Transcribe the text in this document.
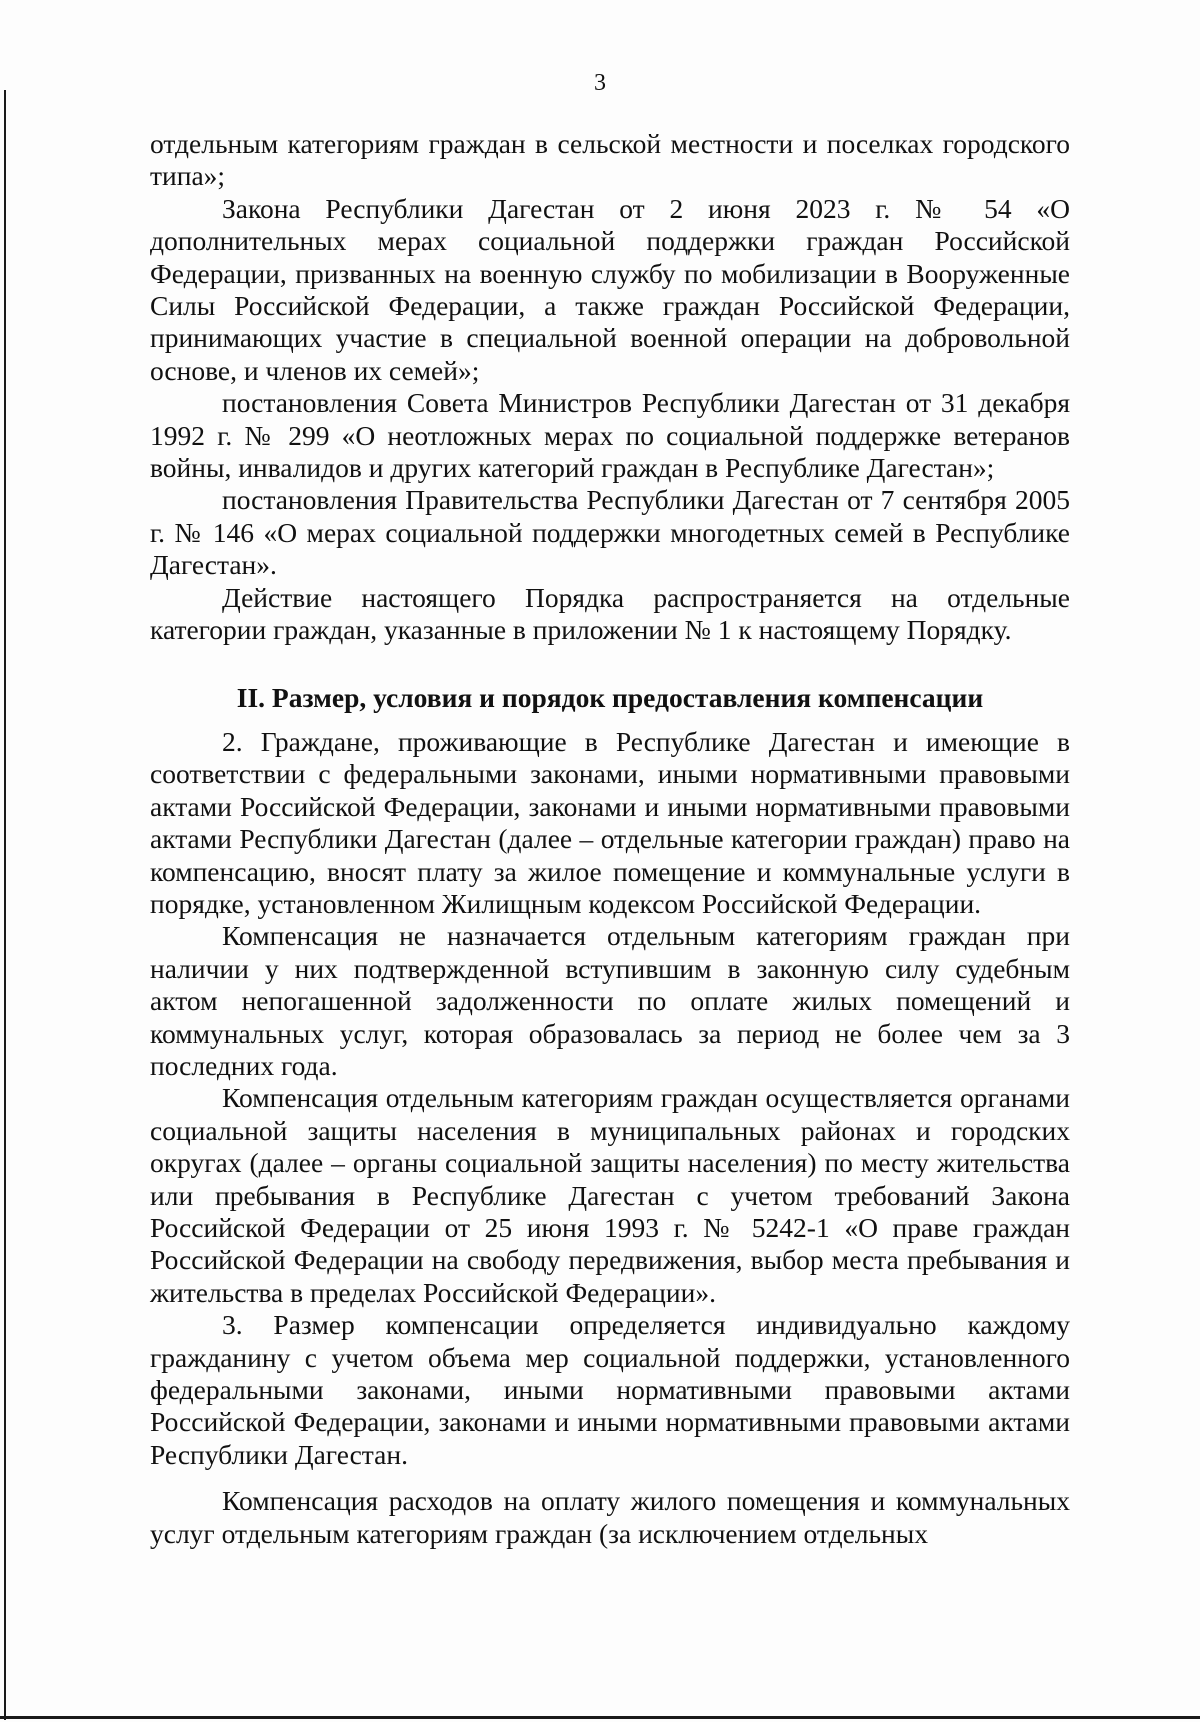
3

отдельным категориям граждан в сельской местности и поселках городского типа»;

Закона Республики Дагестан от 2 июня 2023 г. № 54 «О дополнительных мерах социальной поддержки граждан Российской Федерации, призванных на военную службу по мобилизации в Вооруженные Силы Российской Федерации, а также граждан Российской Федерации, принимающих участие в специальной военной операции на добровольной основе, и членов их семей»;

постановления Совета Министров Республики Дагестан от 31 декабря 1992 г. № 299 «О неотложных мерах по социальной поддержке ветеранов войны, инвалидов и других категорий граждан в Республике Дагестан»;

постановления Правительства Республики Дагестан от 7 сентября 2005 г. № 146 «О мерах социальной поддержки многодетных семей в Республике Дагестан».

Действие настоящего Порядка распространяется на отдельные категории граждан, указанные в приложении № 1 к настоящему Порядку.

II. Размер, условия и порядок предоставления компенсации

2. Граждане, проживающие в Республике Дагестан и имеющие в соответствии с федеральными законами, иными нормативными правовыми актами Российской Федерации, законами и иными нормативными правовыми актами Республики Дагестан (далее – отдельные категории граждан) право на компенсацию, вносят плату за жилое помещение и коммунальные услуги в порядке, установленном Жилищным кодексом Российской Федерации.

Компенсация не назначается отдельным категориям граждан при наличии у них подтвержденной вступившим в законную силу судебным актом непогашенной задолженности по оплате жилых помещений и коммунальных услуг, которая образовалась за период не более чем за 3 последних года.

Компенсация отдельным категориям граждан осуществляется органами социальной защиты населения в муниципальных районах и городских округах (далее – органы социальной защиты населения) по месту жительства или пребывания в Республике Дагестан с учетом требований Закона Российской Федерации от 25 июня 1993 г. № 5242-1 «О праве граждан Российской Федерации на свободу передвижения, выбор места пребывания и жительства в пределах Российской Федерации».

3. Размер компенсации определяется индивидуально каждому гражданину с учетом объема мер социальной поддержки, установленного федеральными законами, иными нормативными правовыми актами Российской Федерации, законами и иными нормативными правовыми актами Республики Дагестан.

Компенсация расходов на оплату жилого помещения и коммунальных услуг отдельным категориям граждан (за исключением отдельных
